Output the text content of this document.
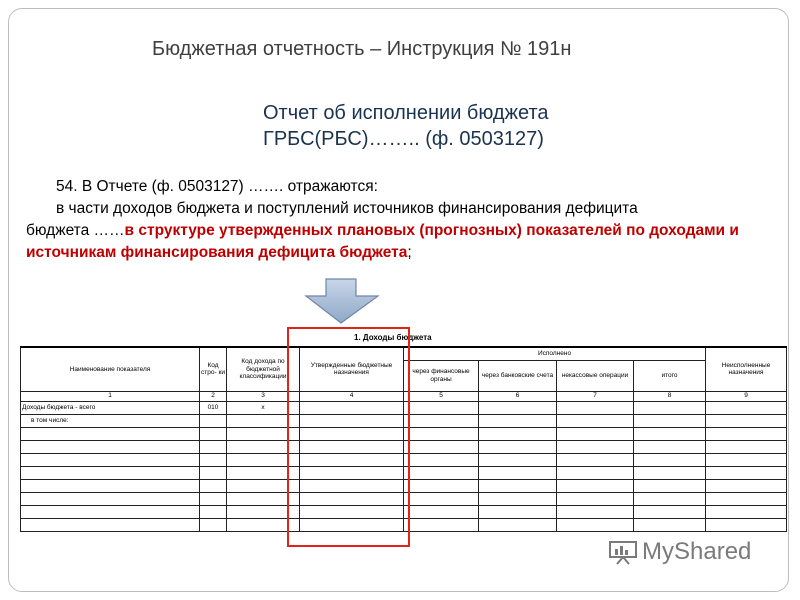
Бюджетная отчетность – Инструкция № 191н
Отчет об исполнении бюджета
ГРБС(РБС)…….. (ф. 0503127)
54. В Отчете (ф. 0503127) ……. отражаются:
в части доходов бюджета и поступлений источников финансирования дефицита
бюджета ……в структуре утвержденных плановых (прогнозных) показателей по доходами и источникам финансирования дефицита бюджета;
1. Доходы бюджета
Наименование показателя	Код стро- ки	Код дохода по бюджетной классификации	Утвержденные бюджетные назначения	Исполнено				Неисполненные назначения
				через финансовые органы	через банковские счета	некассовые операции	итого	
1	2	3	4	5	6	7	8	9
Доходы бюджета - всего	010	x						
в том числе:								

MyShared
